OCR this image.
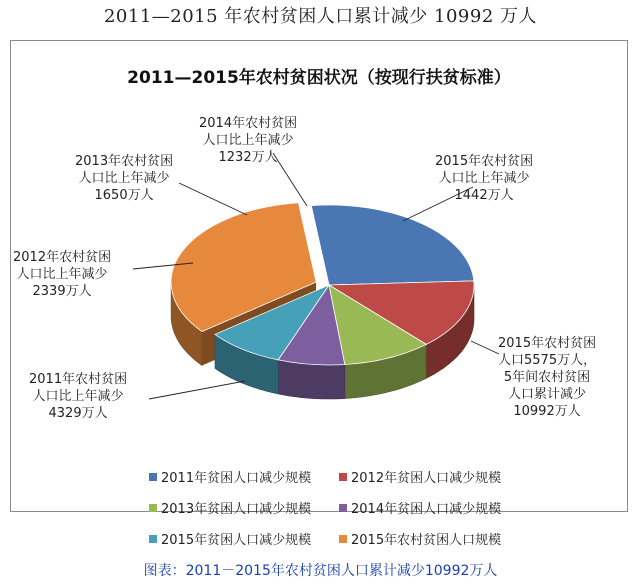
2011—2015 年农村贫困人口累计减少 10992 万人
2011—2015年农村贫困状况（按现行扶贫标准）
2011年农村贫困
人口比上年减少
4329万人
2012年农村贫困
人口比上年减少
2339万人
2013年农村贫困
人口比上年减少
1650万人
2014年农村贫困
人口比上年减少
1232万人	2015年农村贫困
人口比上年减少
1442万人
2015年农村贫困
人口5575万人，
5年间农村贫困
人口累计减少
10992万人
2011年贫困人口减少规模	2012年贫困人口减少规模
2013年贫困人口减少规模	2014年贫困人口减少规模
2015年贫困人口减少规模	2015年农村贫困人口规模
图表：2011－2015年农村贫困人口累计减少10992万人
